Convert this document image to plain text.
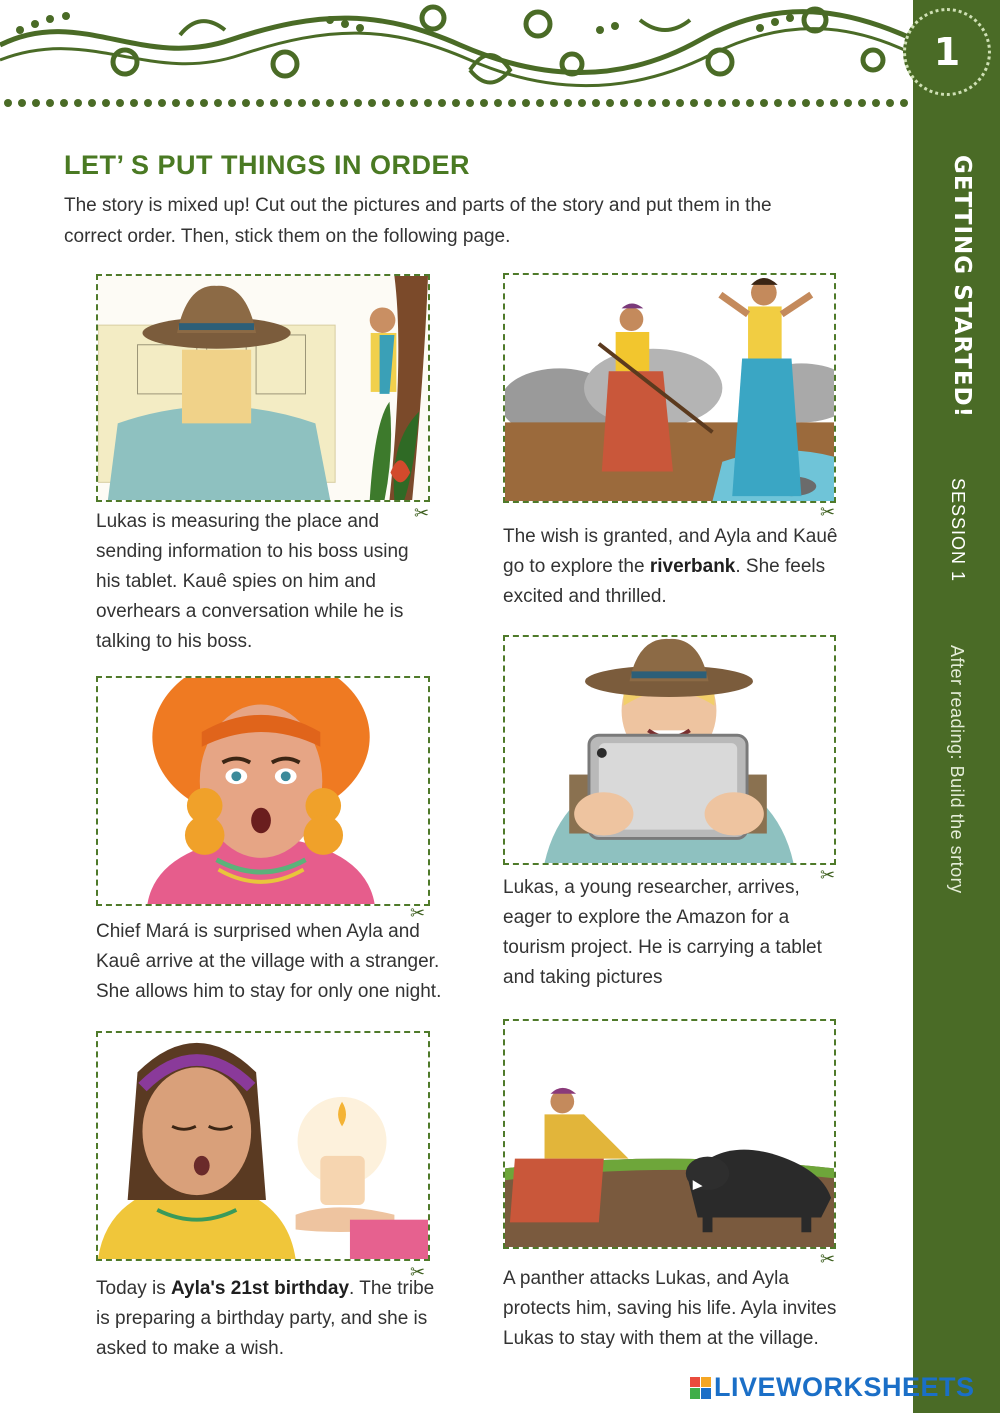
1
GETTING STARTED!
SESSION 1
After reading: Build the srtory
LET’ S PUT THINGS IN ORDER

The story is mixed up! Cut out the pictures and parts of the story and put them in the correct order. Then, stick them on the following page.

✂

Lukas is measuring the place and sending information to his boss using his tablet. Kauê spies on him and overhears a conversation while he is talking to his boss.

✂

The wish is granted, and Ayla and Kauê go to explore the riverbank. She feels excited and thrilled.

✂

Chief Mará is surprised when Ayla and Kauê arrive at the village with a stranger. She allows him to stay for only one night.

✂

Lukas, a young researcher, arrives, eager to explore the Amazon for a tourism project. He is carrying a tablet and taking pictures

✂

Today is Ayla's 21st birthday. The tribe is preparing a birthday party, and she is asked to make a wish.

✂

A panther attacks Lukas, and Ayla protects him, saving his life. Ayla invites Lukas to stay with them at the village.

LIVEWORKSHEETS
